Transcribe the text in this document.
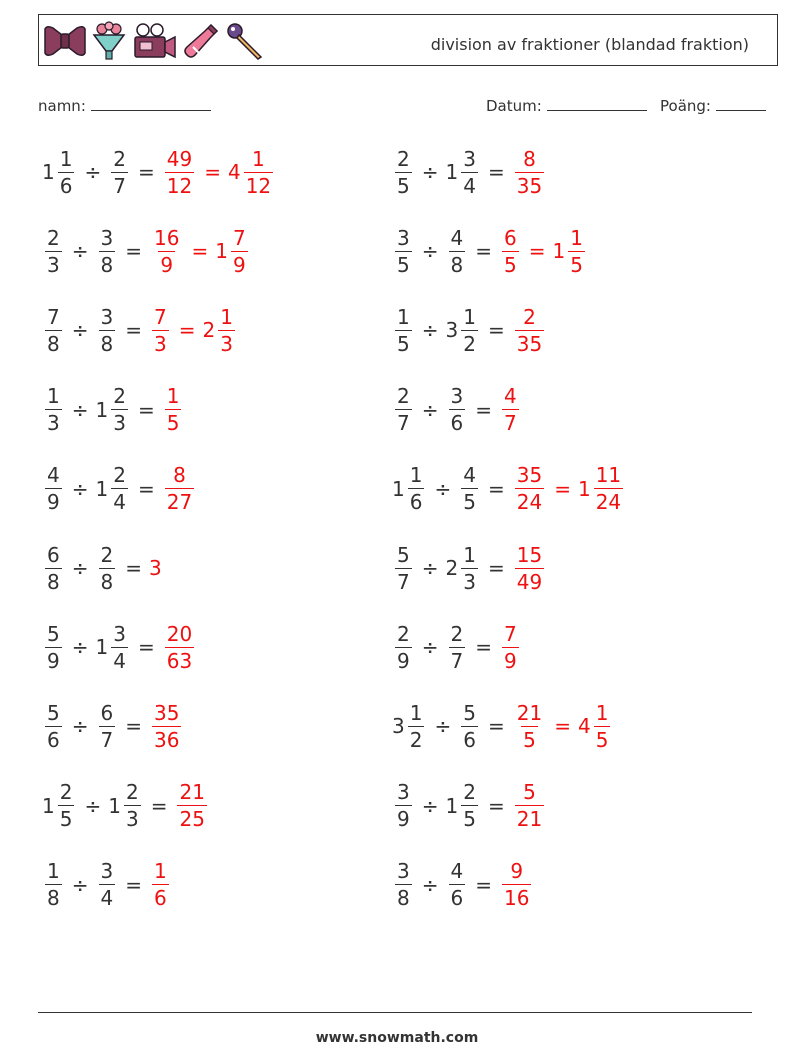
division av fraktioner (blandad fraktion)
namn:	Datum:	Poäng:
$1 \frac{1}{6} \div \frac{2}{7} = \frac{49}{12} = 4 \frac{1}{12}$	$\frac{2}{5} \div 1 \frac{3}{4} = \frac{8}{35}$
$\frac{2}{3} \div \frac{3}{8} = \frac{16}{9} = 1 \frac{7}{9}$	$\frac{3}{5} \div \frac{4}{8} = \frac{6}{5} = 1 \frac{1}{5}$
$\frac{7}{8} \div \frac{3}{8} = \frac{7}{3} = 2 \frac{1}{3}$	$\frac{1}{5} \div 3 \frac{1}{2} = \frac{2}{35}$
$\frac{1}{3} \div 1 \frac{2}{3} = \frac{1}{5}$	$\frac{2}{7} \div \frac{3}{6} = \frac{4}{7}$
$\frac{4}{9} \div 1 \frac{2}{4} = \frac{8}{27}$	$1 \frac{1}{6} \div \frac{4}{5} = \frac{35}{24} = 1 \frac{11}{24}$
$\frac{6}{8} \div \frac{2}{8} = 3$	$\frac{5}{7} \div 2 \frac{1}{3} = \frac{15}{49}$
$\frac{5}{9} \div 1 \frac{3}{4} = \frac{20}{63}$	$\frac{2}{9} \div \frac{2}{7} = \frac{7}{9}$
$\frac{5}{6} \div \frac{6}{7} = \frac{35}{36}$	$3 \frac{1}{2} \div \frac{5}{6} = \frac{21}{5} = 4 \frac{1}{5}$
$1 \frac{2}{5} \div 1 \frac{2}{3} = \frac{21}{25}$	$\frac{3}{9} \div 1 \frac{2}{5} = \frac{5}{21}$
$\frac{1}{8} \div \frac{3}{4} = \frac{1}{6}$	$\frac{3}{8} \div \frac{4}{6} = \frac{9}{16}$
www.snowmath.com
